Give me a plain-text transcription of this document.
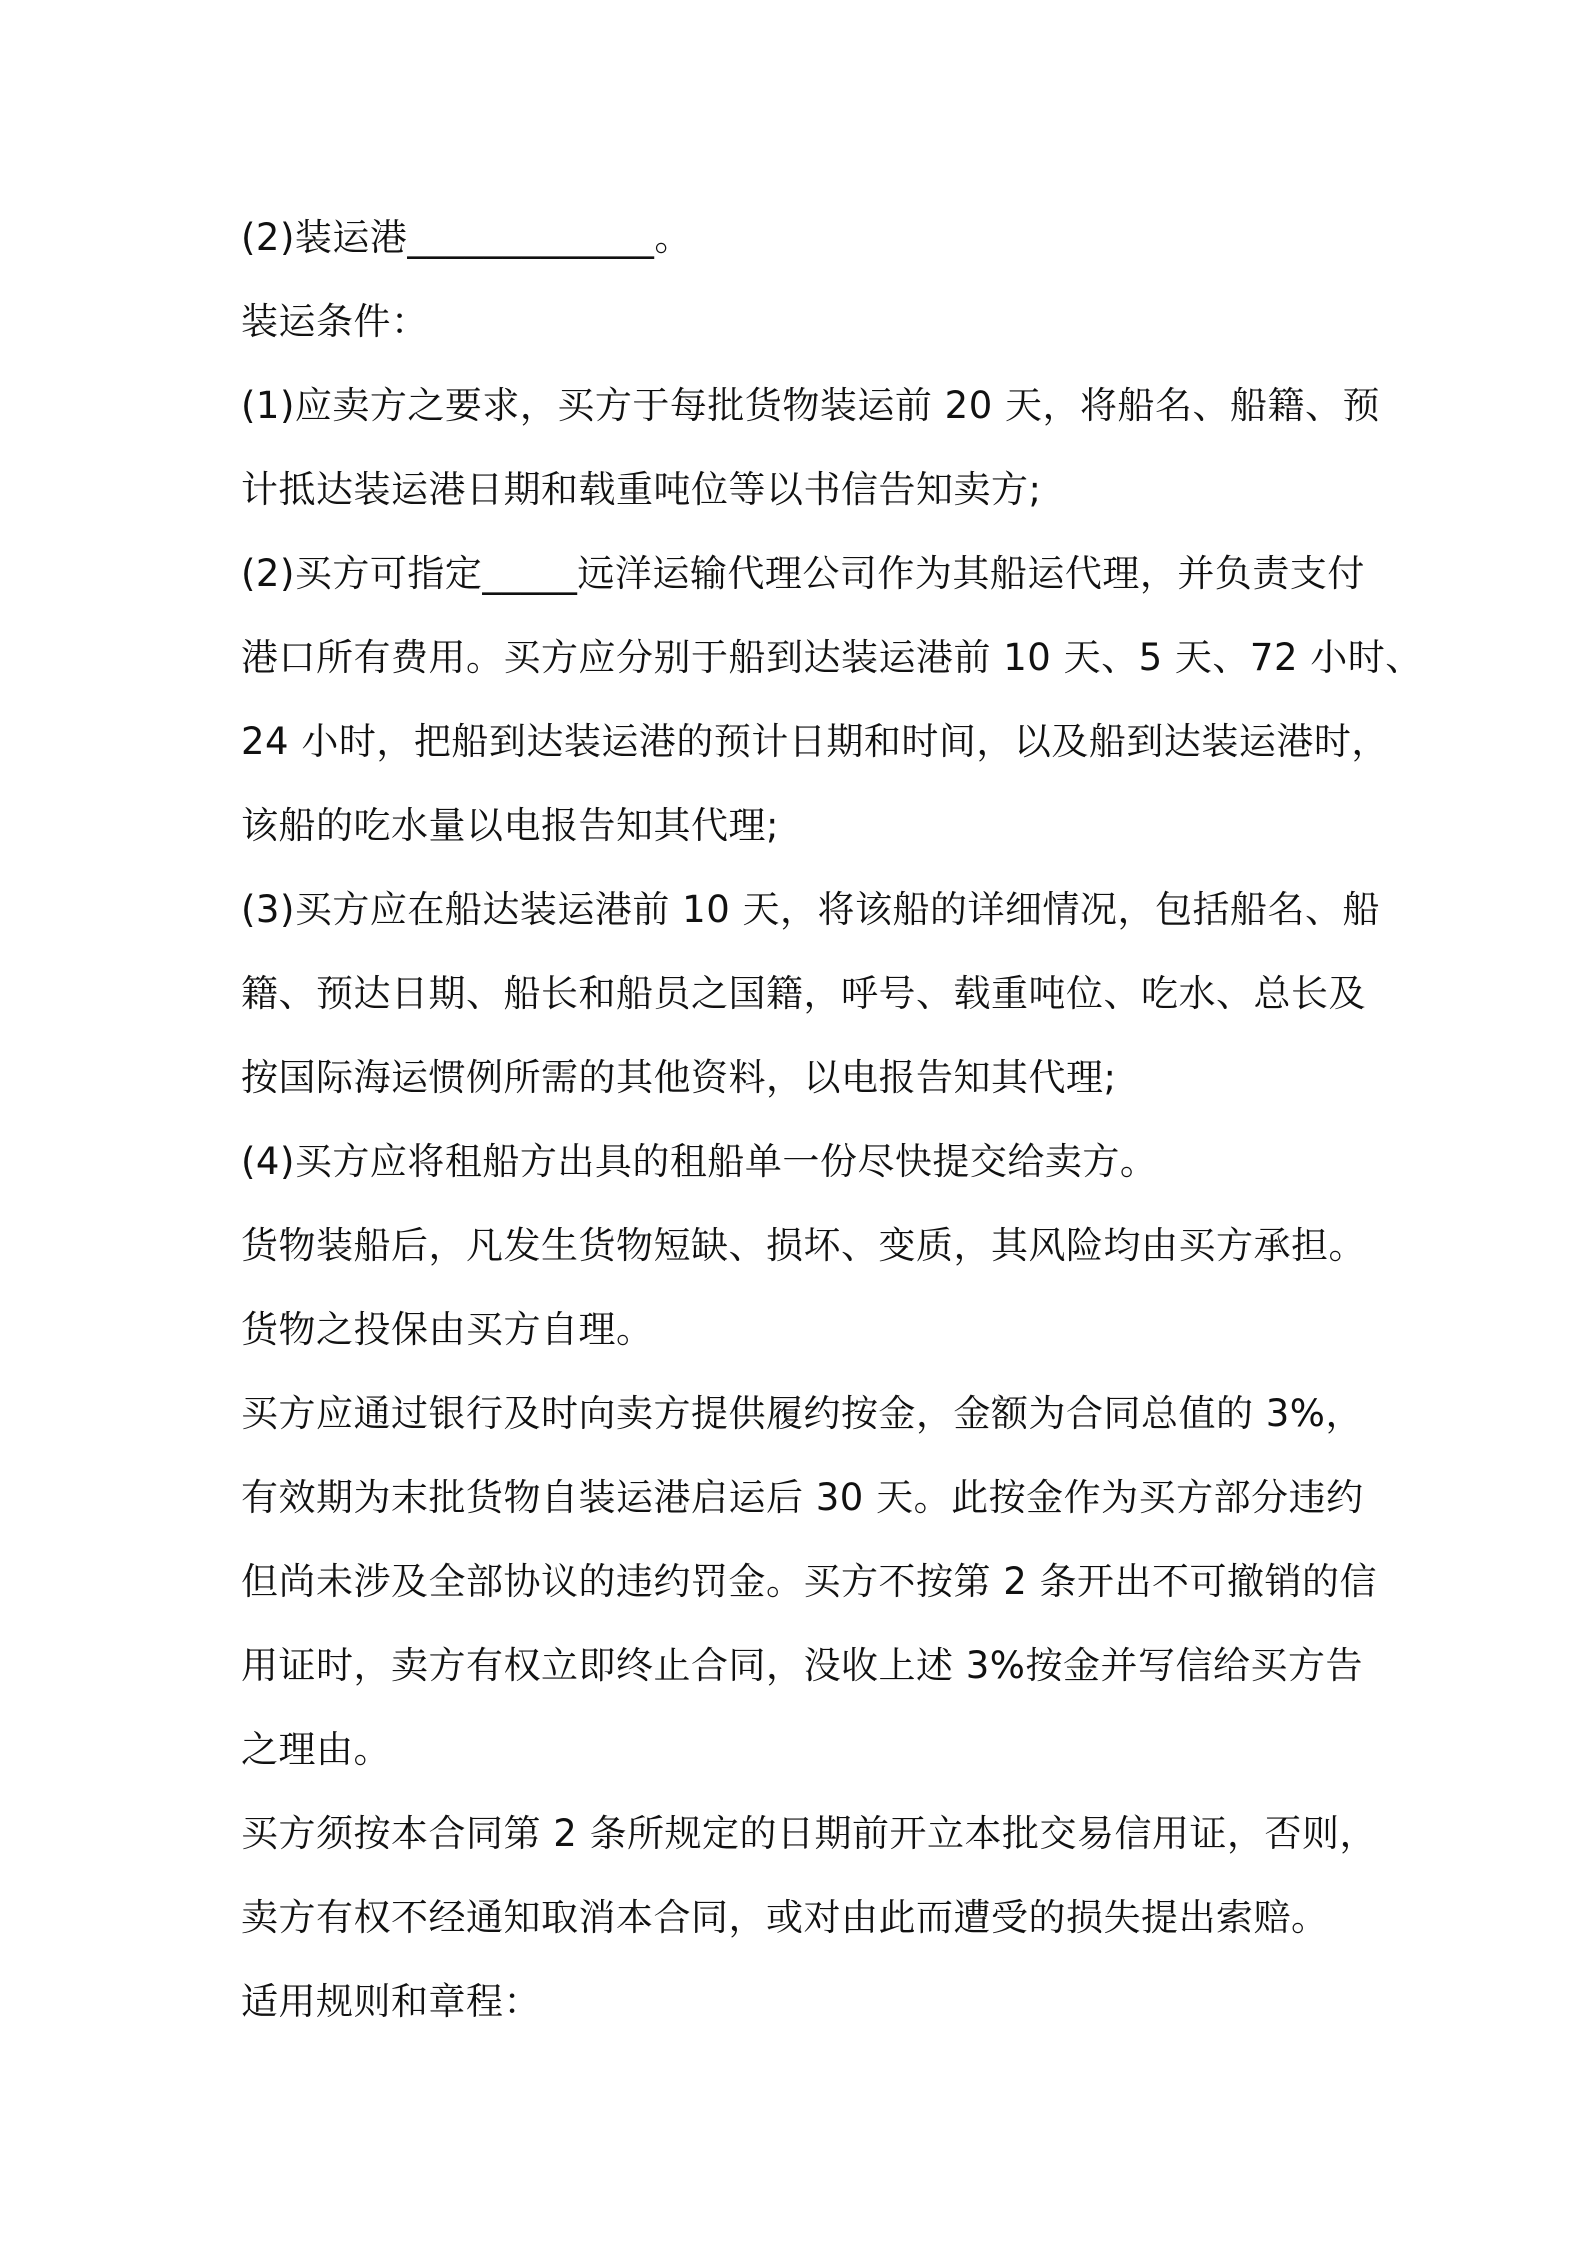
(2)装运港_____________。

装运条件：

(1)应卖方之要求，买方于每批货物装运前 20 天，将船名、船籍、预

计抵达装运港日期和载重吨位等以书信告知卖方;

(2)买方可指定_____远洋运输代理公司作为其船运代理，并负责支付

港口所有费用。买方应分别于船到达装运港前 10 天、5 天、72 小时、

24 小时，把船到达装运港的预计日期和时间，以及船到达装运港时，

该船的吃水量以电报告知其代理;

(3)买方应在船达装运港前 10 天，将该船的详细情况，包括船名、船

籍、预达日期、船长和船员之国籍，呼号、载重吨位、吃水、总长及

按国际海运惯例所需的其他资料，以电报告知其代理;

(4)买方应将租船方出具的租船单一份尽快提交给卖方。

货物装船后，凡发生货物短缺、损坏、变质，其风险均由买方承担。

货物之投保由买方自理。

买方应通过银行及时向卖方提供履约按金，金额为合同总值的 3%，

有效期为末批货物自装运港启运后 30 天。此按金作为买方部分违约

但尚未涉及全部协议的违约罚金。买方不按第 2 条开出不可撤销的信

用证时，卖方有权立即终止合同，没收上述 3%按金并写信给买方告

之理由。

买方须按本合同第 2 条所规定的日期前开立本批交易信用证，否则，

卖方有权不经通知取消本合同，或对由此而遭受的损失提出索赔。

适用规则和章程：
